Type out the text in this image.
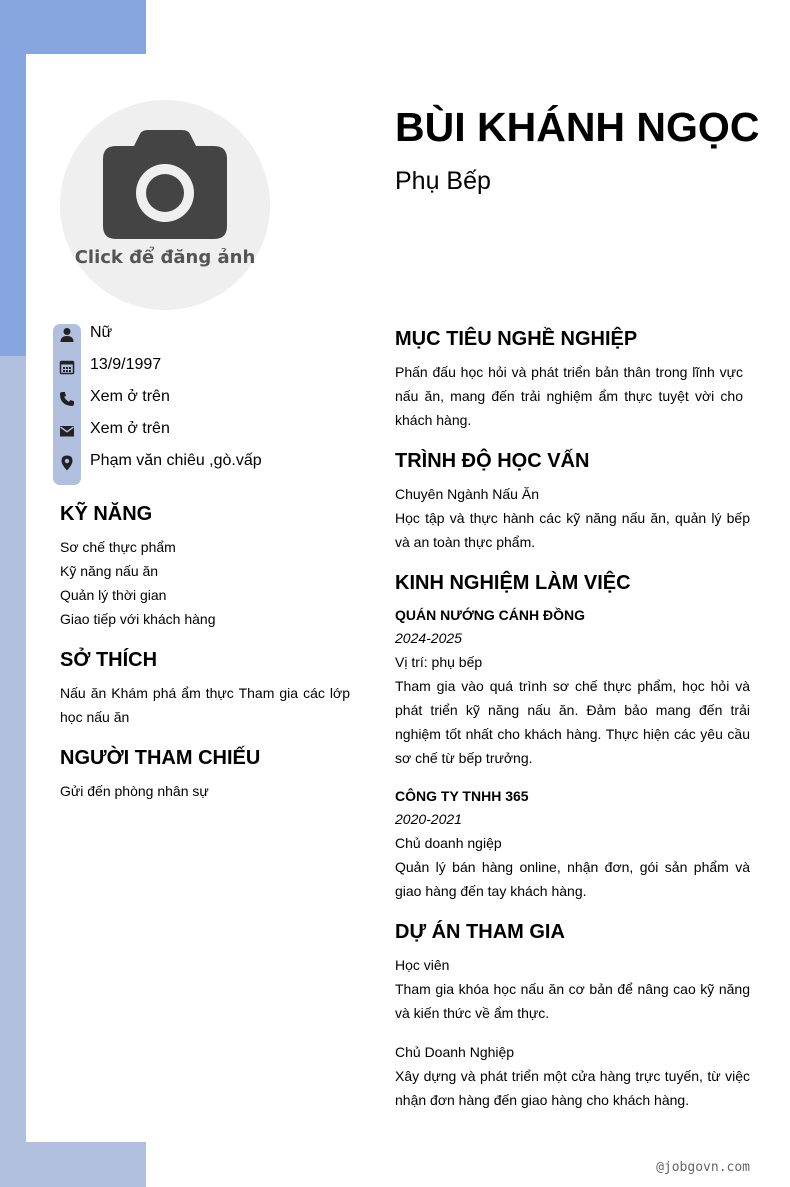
Click để đăng ảnh
BÙI KHÁNH NGỌC
Phụ Bếp
Nữ
13/9/1997
Xem ở trên
Xem ở trên
Phạm văn chiêu ,gò.vấp
KỸ NĂNG
Sơ chế thực phẩm
Kỹ năng nấu ăn
Quản lý thời gian
Giao tiếp với khách hàng
SỞ THÍCH
Nấu ăn Khám phá ẩm thực Tham gia các lớp học nấu ăn
NGƯỜI THAM CHIẾU
Gửi đến phòng nhân sự
MỤC TIÊU NGHỀ NGHIỆP
Phấn đấu học hỏi và phát triển bản thân trong lĩnh vực nấu ăn, mang đến trải nghiệm ẩm thực tuyệt vời cho khách hàng.
TRÌNH ĐỘ HỌC VẤN
Chuyên Ngành Nấu Ăn
Học tập và thực hành các kỹ năng nấu ăn, quản lý bếp và an toàn thực phẩm.
KINH NGHIỆM LÀM VIỆC
QUÁN NƯỚNG CÁNH ĐỒNG
2024-2025
Vị trí: phụ bếp
Tham gia vào quá trình sơ chế thực phẩm, học hỏi và phát triển kỹ năng nấu ăn. Đảm bảo mang đến trải nghiệm tốt nhất cho khách hàng. Thực hiện các yêu cầu sơ chế từ bếp trưởng.
CÔNG TY TNHH 365
2020-2021
Chủ doanh ngiệp
Quản lý bán hàng online, nhận đơn, gói sản phẩm và giao hàng đến tay khách hàng.
DỰ ÁN THAM GIA
Học viên
Tham gia khóa học nấu ăn cơ bản để nâng cao kỹ năng và kiến thức về ẩm thực.
Chủ Doanh Nghiệp
Xây dựng và phát triển một cửa hàng trực tuyến, từ việc nhận đơn hàng đến giao hàng cho khách hàng.
@jobgovn.com
